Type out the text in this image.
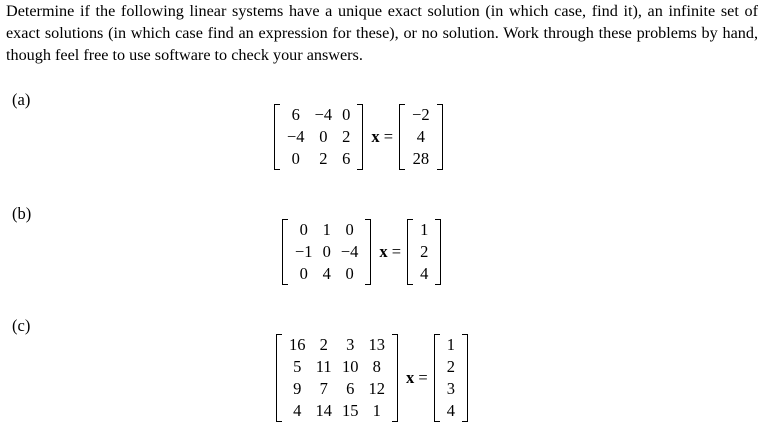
Determine if the following linear systems have a unique exact solution (in which case, find it), an infinite set of exact solutions (in which case find an expression for these), or no solution. Work through these problems by hand, though feel free to use software to check your answers.
(a)
6	−4	0
−4	0	2
0	2	6
x =
−2
4
28
(b)
0	1	0
−1	0	−4
0	4	0
x =
1
2
4
(c)
16	2	3	13
5	11	10	8
9	7	6	12
4	14	15	1
x =
1
2
3
4
